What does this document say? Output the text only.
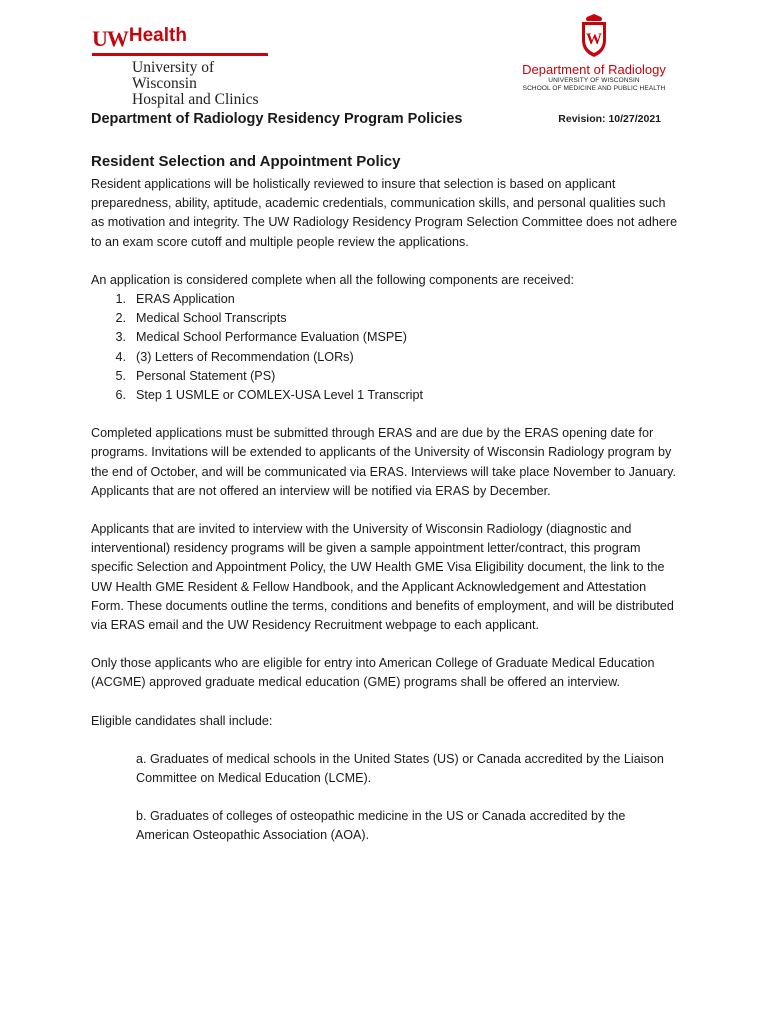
UW Health
University of Wisconsin
Hospital and Clinics
W
Department of Radiology
UNIVERSITY OF WISCONSIN
SCHOOL OF MEDICINE AND PUBLIC HEALTH
Department of Radiology Residency Program Policies	Revision: 10/27/2021
Resident Selection and Appointment Policy

Resident applications will be holistically reviewed to insure that selection is based on applicant preparedness, ability, aptitude, academic credentials, communication skills, and personal qualities such as motivation and integrity. The UW Radiology Residency Program Selection Committee does not adhere to an exam score cutoff and multiple people review the applications.

An application is considered complete when all the following components are received:

1. ERAS Application
2. Medical School Transcripts
3. Medical School Performance Evaluation (MSPE)
4. (3) Letters of Recommendation (LORs)
5. Personal Statement (PS)
6. Step 1 USMLE or COMLEX-USA Level 1 Transcript

Completed applications must be submitted through ERAS and are due by the ERAS opening date for programs. Invitations will be extended to applicants of the University of Wisconsin Radiology program by the end of October, and will be communicated via ERAS. Interviews will take place November to January. Applicants that are not offered an interview will be notified via ERAS by December.

Applicants that are invited to interview with the University of Wisconsin Radiology (diagnostic and interventional) residency programs will be given a sample appointment letter/contract, this program specific Selection and Appointment Policy, the UW Health GME Visa Eligibility document, the link to the UW Health GME Resident & Fellow Handbook, and the Applicant Acknowledgement and Attestation Form. These documents outline the terms, conditions and benefits of employment, and will be distributed via ERAS email and the UW Residency Recruitment webpage to each applicant.

Only those applicants who are eligible for entry into American College of Graduate Medical Education (ACGME) approved graduate medical education (GME) programs shall be offered an interview.

Eligible candidates shall include:

a. Graduates of medical schools in the United States (US) or Canada accredited by the Liaison Committee on Medical Education (LCME).

b. Graduates of colleges of osteopathic medicine in the US or Canada accredited by the American Osteopathic Association (AOA).
